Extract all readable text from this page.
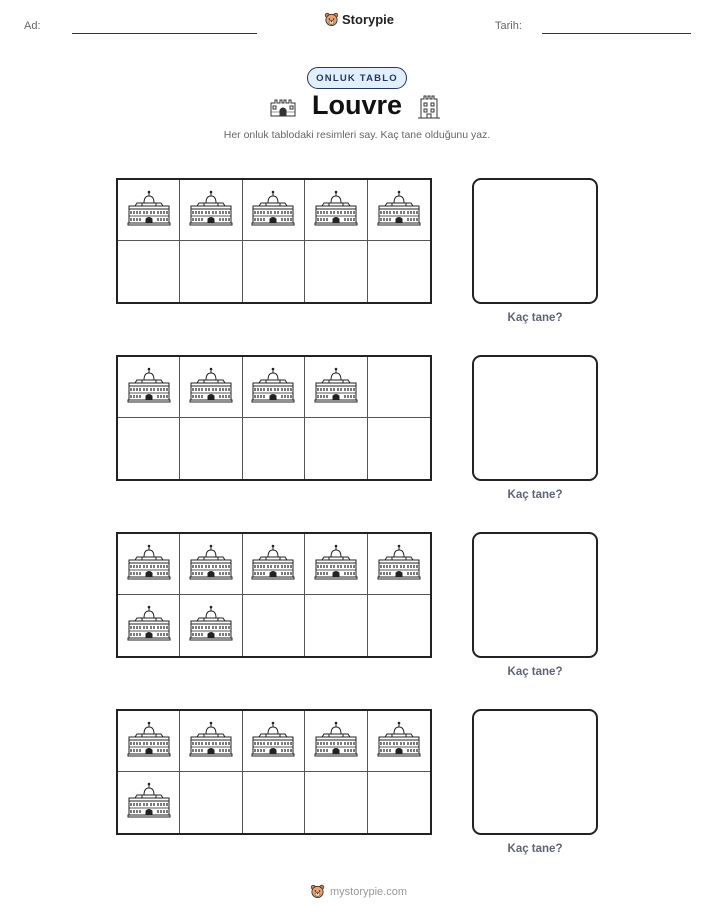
Ad:	Storypie	Tarih:
ONLUK TABLO
Louvre
Her onluk tablodaki resimleri say. Kaç tane olduğunu yaz.
Kaç tane?
Kaç tane?
Kaç tane?
Kaç tane?
mystorypie.com
